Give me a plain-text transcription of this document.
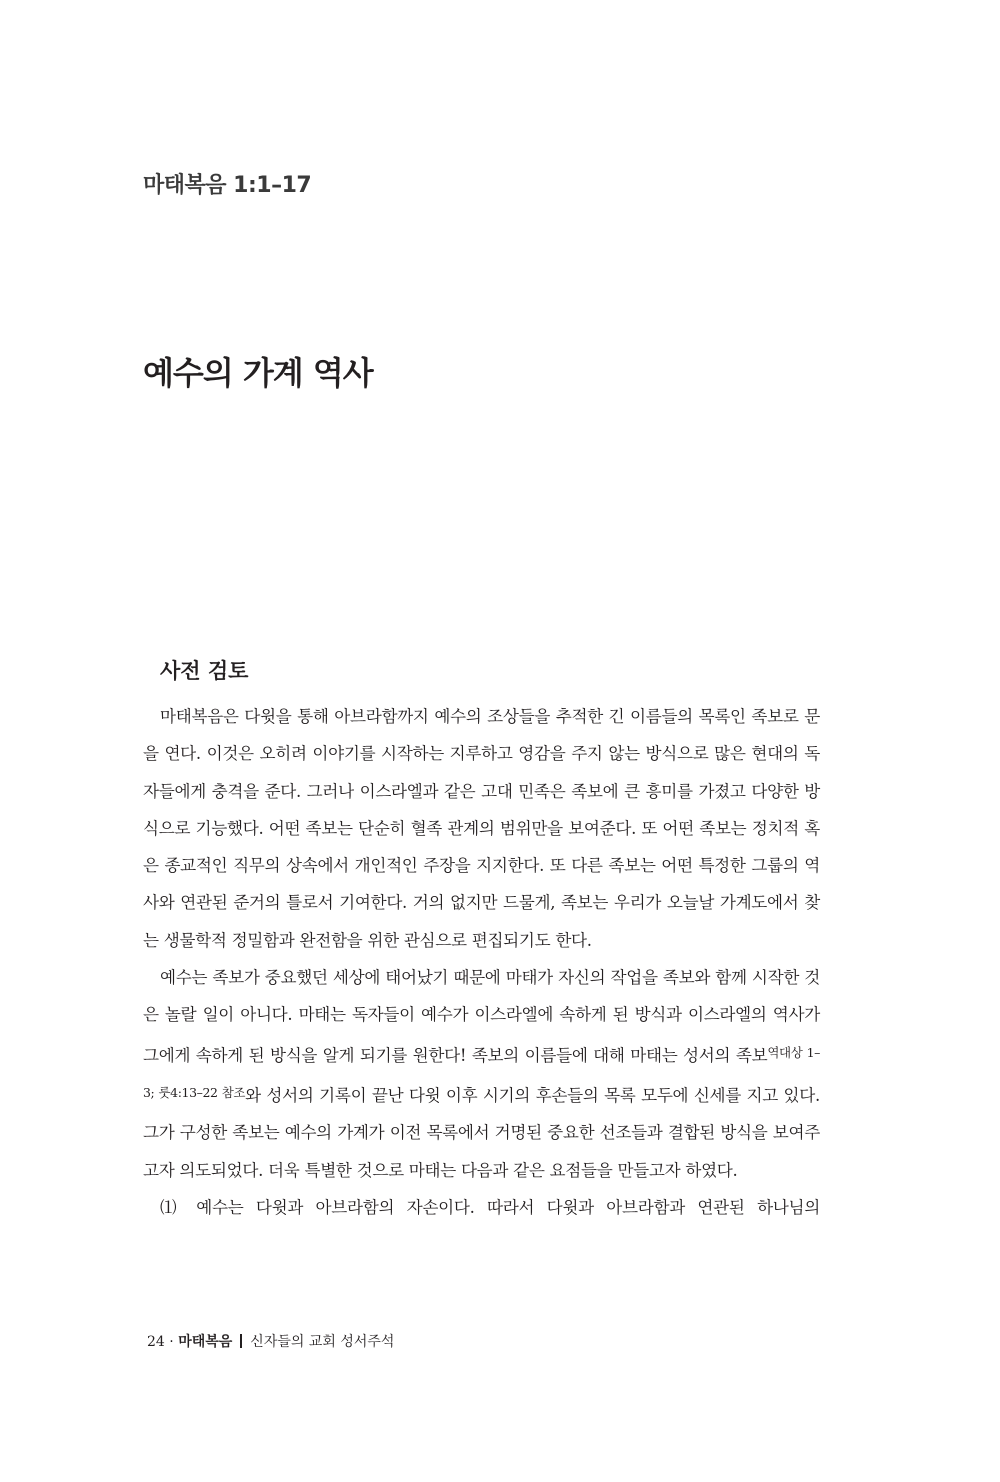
마태복음 1:1–17
예수의 가계 역사
사전 검토

마태복음은 다윗을 통해 아브라함까지 예수의 조상들을 추적한 긴 이름들의 목록인 족보로 문을 연다. 이것은 오히려 이야기를 시작하는 지루하고 영감을 주지 않는 방식으로 많은 현대의 독자들에게 충격을 준다. 그러나 이스라엘과 같은 고대 민족은 족보에 큰 흥미를 가졌고 다양한 방식으로 기능했다. 어떤 족보는 단순히 혈족 관계의 범위만을 보여준다. 또 어떤 족보는 정치적 혹은 종교적인 직무의 상속에서 개인적인 주장을 지지한다. 또 다른 족보는 어떤 특정한 그룹의 역사와 연관된 준거의 틀로서 기여한다. 거의 없지만 드물게, 족보는 우리가 오늘날 가계도에서 찾는 생물학적 정밀함과 완전함을 위한 관심으로 편집되기도 한다.

예수는 족보가 중요했던 세상에 태어났기 때문에 마태가 자신의 작업을 족보와 함께 시작한 것은 놀랄 일이 아니다. 마태는 독자들이 예수가 이스라엘에 속하게 된 방식과 이스라엘의 역사가 그에게 속하게 된 방식을 알게 되기를 원한다! 족보의 이름들에 대해 마태는 성서의 족보$^{역대상 1-3; 룻4:13-22 참조}$와 성서의 기록이 끝난 다윗 이후 시기의 후손들의 목록 모두에 신세를 지고 있다. 그가 구성한 족보는 예수의 가계가 이전 목록에서 거명된 중요한 선조들과 결합된 방식을 보여주고자 의도되었다. 더욱 특별한 것으로 마태는 다음과 같은 요점들을 만들고자 하였다.

⑴ 예수는 다윗과 아브라함의 자손이다. 따라서 다윗과 아브라함과 연관된 하나님의

24 · 마태복음 신자들의 교회 성서주석
